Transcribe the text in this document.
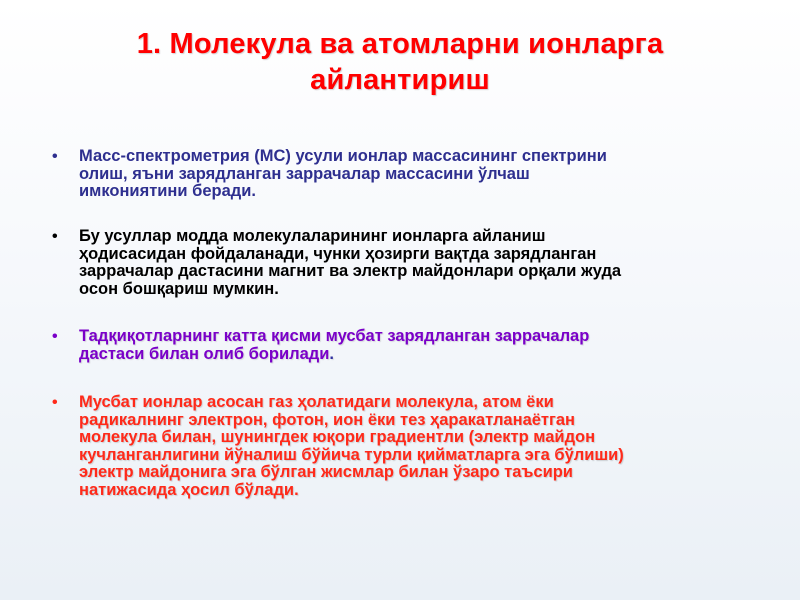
1. Молекула ва атомларни ионларга
айлантириш
•	Масс-спектрометрия (МС) усули ионлар массасининг спектрини
олиш, яъни зарядланган заррачалар массасини ўлчаш
имкониятини беради.
•	Бу усуллар модда молекулаларининг ионларга айланиш
ҳодисасидан фойдаланади, чунки ҳозирги вақтда зарядланган
заррачалар дастасини магнит ва электр майдонлари орқали жуда
осон бошқариш мумкин.
•	Тадқиқотларнинг катта қисми мусбат зарядланган заррачалар
дастаси билан олиб борилади.
•	Мусбат ионлар асосан газ ҳолатидаги молекула, атом ёки
радикалнинг электрон, фотон, ион ёки тез ҳаракатланаётган
молекула билан, шунингдек юқори градиентли (электр майдон
кучланганлигини йўналиш бўйича турли қийматларга эга бўлиши)
электр майдонига эга бўлган жисмлар билан ўзаро таъсири
натижасида ҳосил бўлади.
